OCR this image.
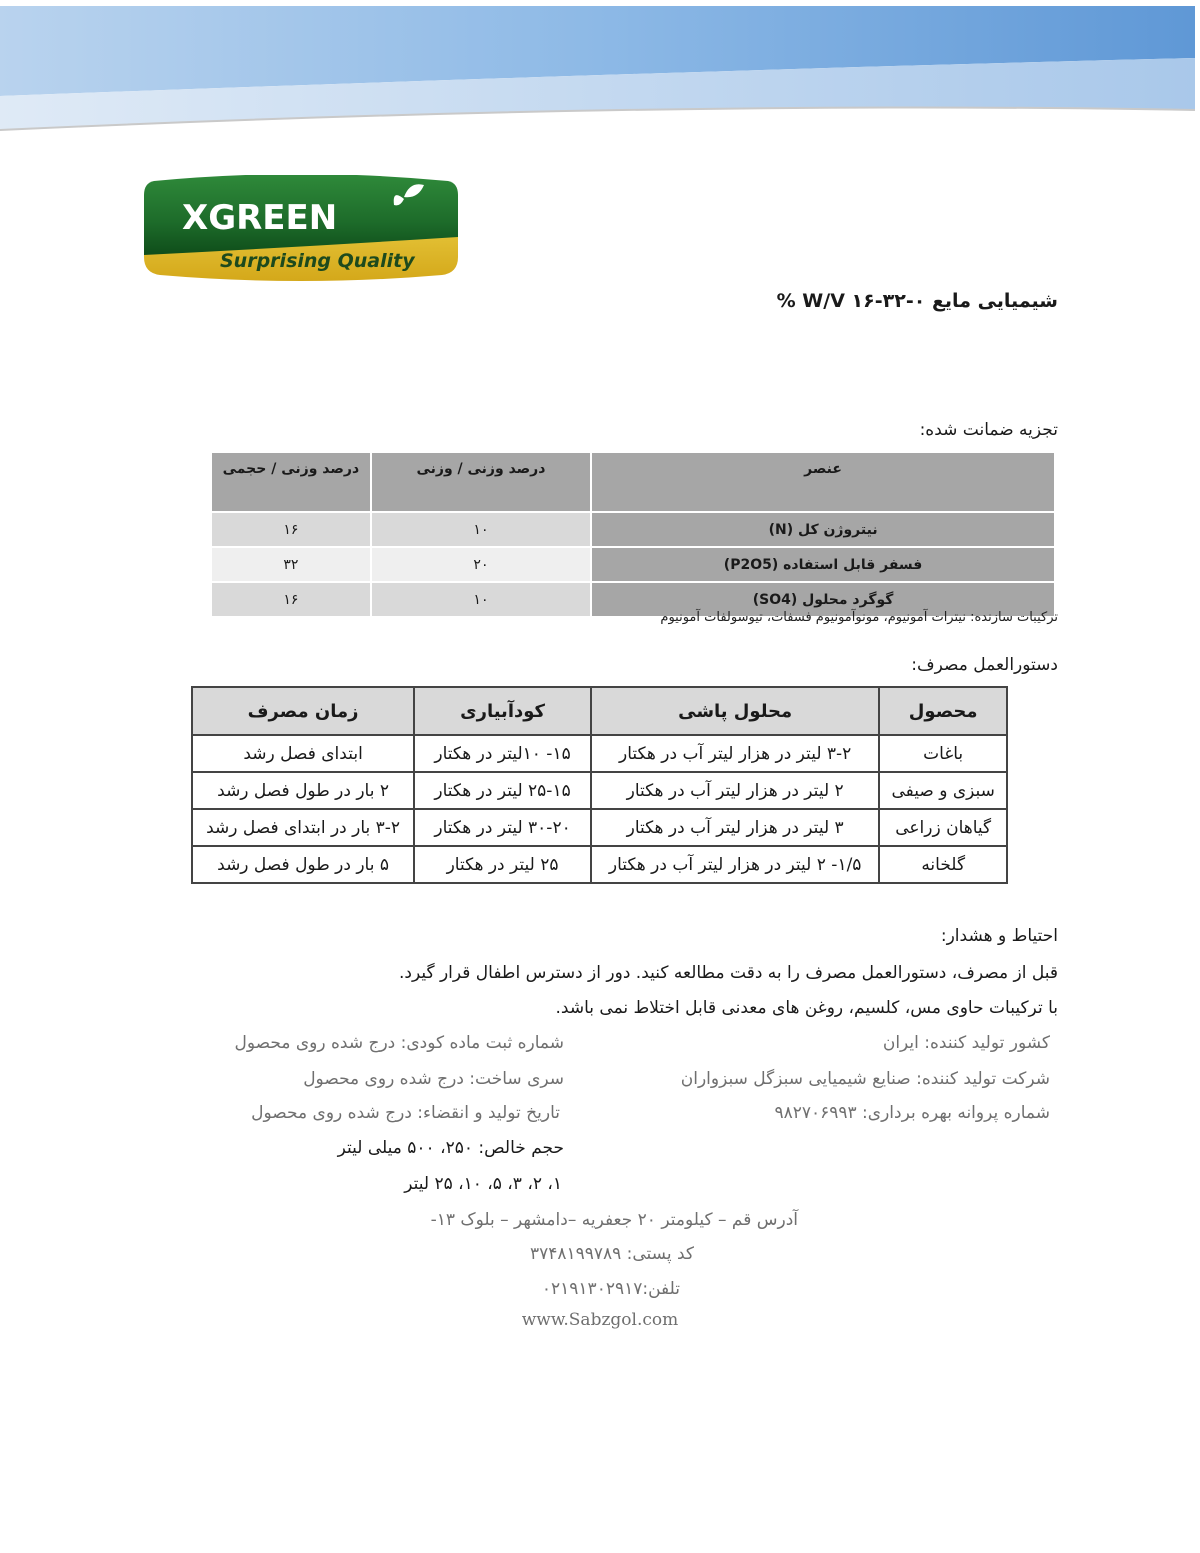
XGREEN
Surprising Quality
شیمیایی مایع ۰-۳۲-۱۶ W/V %
تجزیه ضمانت شده:
عنصر	درصد وزنی / وزنی	درصد وزنی / حجمی
نیتروژن کل (N)	۱۰	۱۶
فسفر قابل استفاده (P2O5)	۲۰	۳۲
گوگرد محلول (SO4)	۱۰	۱۶
ترکیبات سازنده: نیترات آمونیوم، مونوآمونیوم فسفات، تیوسولفات آمونیوم
دستورالعمل مصرف:
محصول	محلول پاشی	کودآبیاری	زمان مصرف
باغات	۳-۲ لیتر در هزار لیتر آب در هکتار	۱۵- ۱۰لیتر در هکتار	ابتدای فصل رشد
سبزی و صیفی	۲ لیتر در هزار لیتر آب در هکتار	۲۵-۱۵ لیتر در هکتار	۲ بار در طول فصل رشد
گیاهان زراعی	۳ لیتر در هزار لیتر آب در هکتار	۳۰-۲۰ لیتر در هکتار	۳-۲ بار در ابتدای فصل رشد
گلخانه	۱/۵- ۲ لیتر در هزار لیتر آب در هکتار	۲۵ لیتر در هکتار	۵ بار در طول فصل رشد
احتیاط و هشدار:
قبل از مصرف، دستورالعمل مصرف را به دقت مطالعه کنید. دور از دسترس اطفال قرار گیرد.
با ترکیبات حاوی مس، کلسیم، روغن های معدنی قابل اختلاط نمی باشد.
کشور تولید کننده: ایران
شرکت تولید کننده: صنایع شیمیایی سبزگل سبزواران
شماره پروانه بهره برداری: ۹۸۲۷۰۶۹۹۳
شماره ثبت ماده کودی: درج شده روی محصول
سری ساخت: درج شده روی محصول
تاریخ تولید و انقضاء: درج شده روی محصول
حجم خالص: ۲۵۰، ۵۰۰ میلی لیتر
۱، ۲، ۳، ۵، ۱۰، ۲۵ لیتر
آدرس قم – کیلومتر ۲۰ جعفریه –دامشهر – بلوک ۱۳-
کد پستی: ۳۷۴۸۱۹۹۷۸۹
تلفن:۰۲۱۹۱۳۰۲۹۱۷
www.Sabzgol.com
